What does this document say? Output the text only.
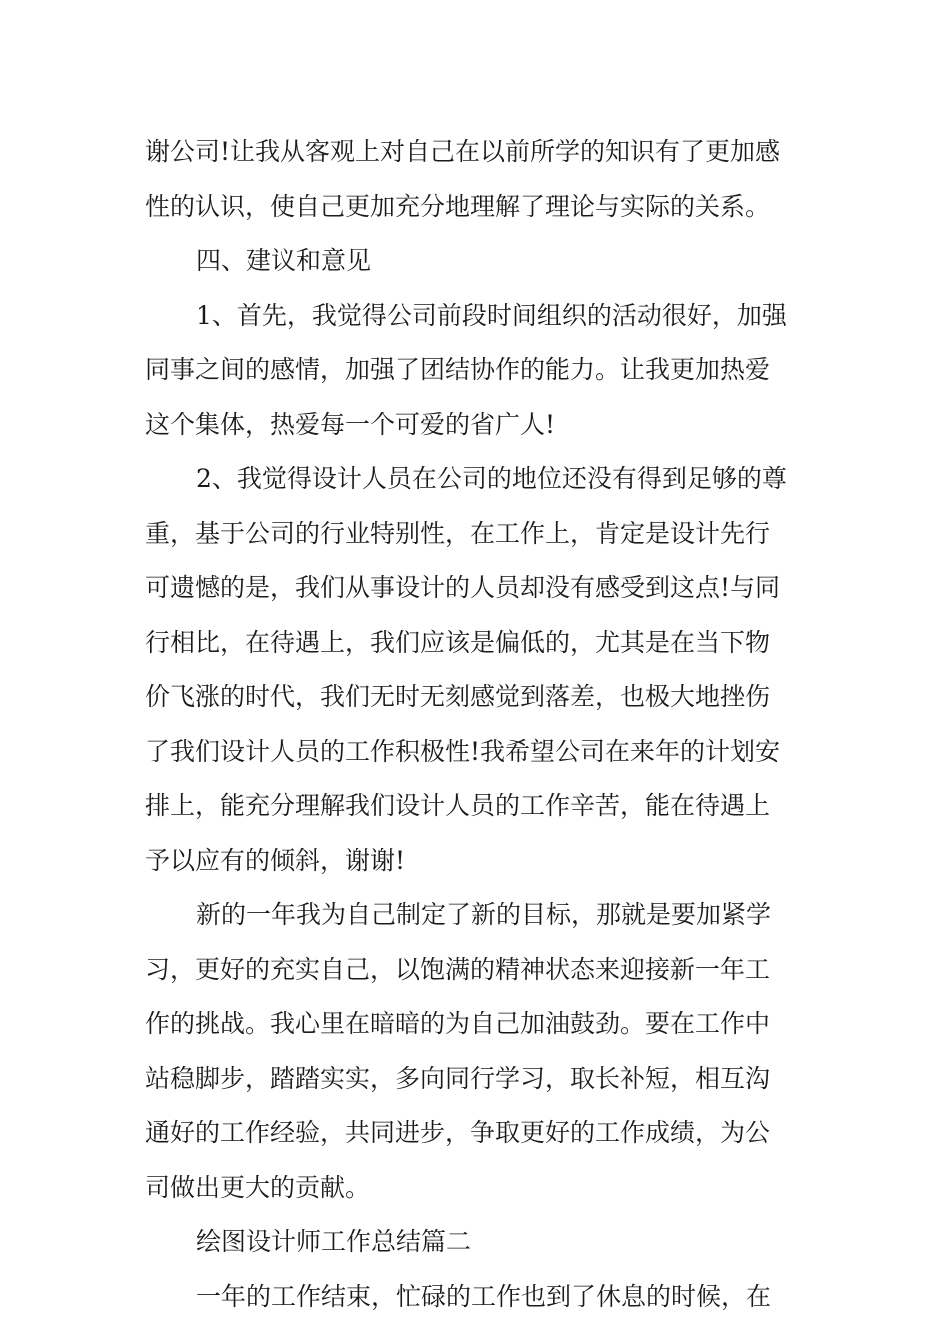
谢公司!让我从客观上对自己在以前所学的知识有了更加感
性的认识，使自己更加充分地理解了理论与实际的关系。
四、建议和意见
1、首先，我觉得公司前段时间组织的活动很好，加强
同事之间的感情，加强了团结协作的能力。让我更加热爱
这个集体，热爱每一个可爱的省广人!
2、我觉得设计人员在公司的地位还没有得到足够的尊
重，基于公司的行业特别性，在工作上，肯定是设计先行
可遗憾的是，我们从事设计的人员却没有感受到这点!与同
行相比，在待遇上，我们应该是偏低的，尤其是在当下物
价飞涨的时代，我们无时无刻感觉到落差，也极大地挫伤
了我们设计人员的工作积极性!我希望公司在来年的计划安
排上，能充分理解我们设计人员的工作辛苦，能在待遇上
予以应有的倾斜，谢谢!
新的一年我为自己制定了新的目标，那就是要加紧学
习，更好的充实自己，以饱满的精神状态来迎接新一年工
作的挑战。我心里在暗暗的为自己加油鼓劲。要在工作中
站稳脚步，踏踏实实，多向同行学习，取长补短，相互沟
通好的工作经验，共同进步，争取更好的工作成绩，为公
司做出更大的贡献。
绘图设计师工作总结篇二
一年的工作结束，忙碌的工作也到了休息的时候，在
